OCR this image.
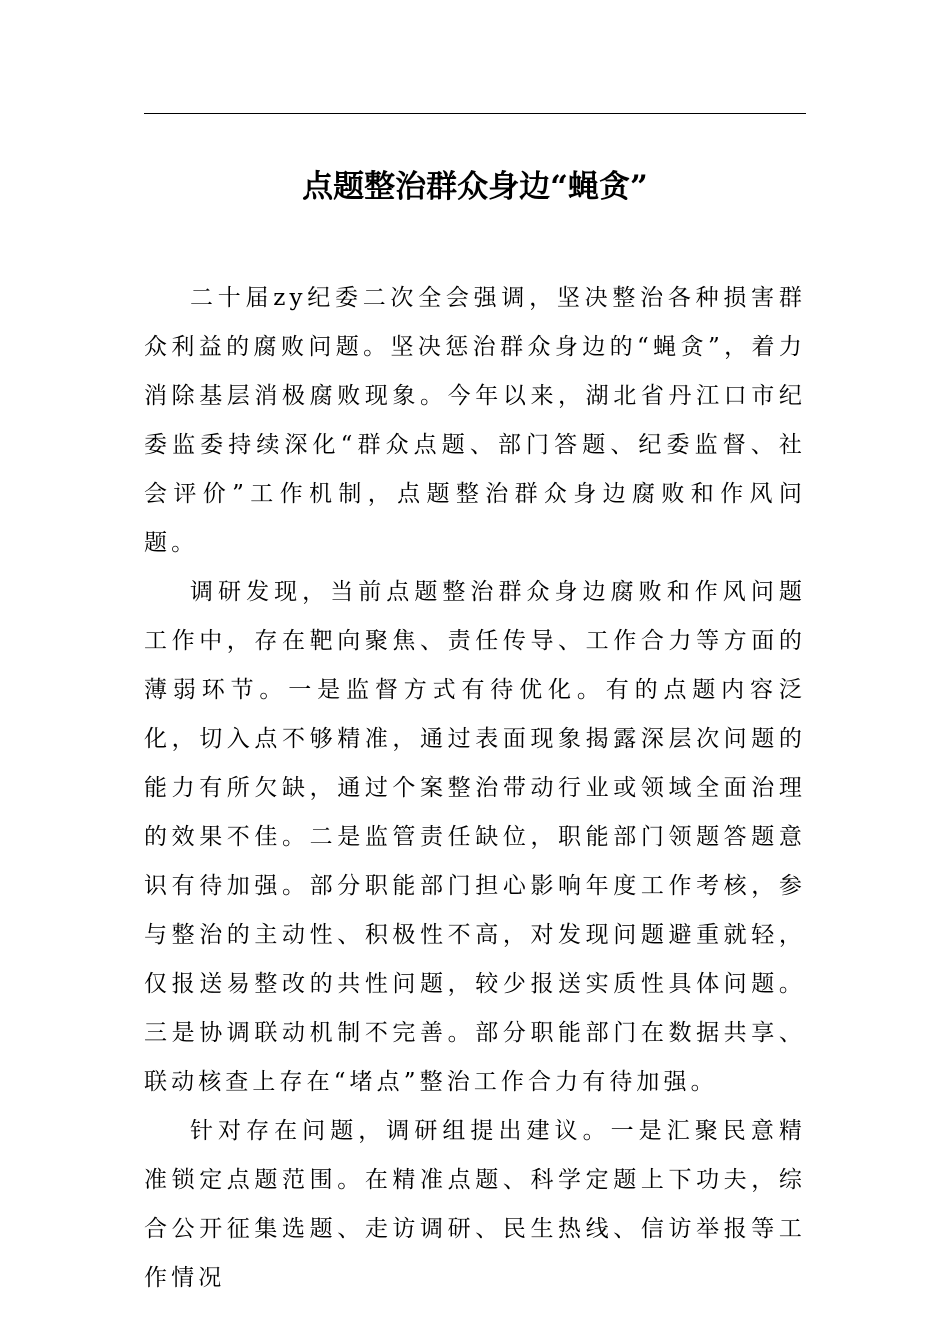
点题整治群众身边“蝇贪”

二十届zy纪委二次全会强调，坚决整治各种损害群众利益的腐败问题。坚决惩治群众身边的“蝇贪”，着力消除基层消极腐败现象。今年以来，湖北省丹江口市纪委监委持续深化“群众点题、部门答题、纪委监督、社会评价”工作机制，点题整治群众身边腐败和作风问题。

调研发现，当前点题整治群众身边腐败和作风问题工作中，存在靶向聚焦、责任传导、工作合力等方面的薄弱环节。一是监督方式有待优化。有的点题内容泛化，切入点不够精准，通过表面现象揭露深层次问题的能力有所欠缺，通过个案整治带动行业或领域全面治理的效果不佳。二是监管责任缺位，职能部门领题答题意识有待加强。部分职能部门担心影响年度工作考核，参与整治的主动性、积极性不高，对发现问题避重就轻，仅报送易整改的共性问题，较少报送实质性具体问题。三是协调联动机制不完善。部分职能部门在数据共享、联动核查上存在“堵点”整治工作合力有待加强。

针对存在问题，调研组提出建议。一是汇聚民意精准锁定点题范围。在精准点题、科学定题上下功夫，综合公开征集选题、走访调研、民生热线、信访举报等工作情况
